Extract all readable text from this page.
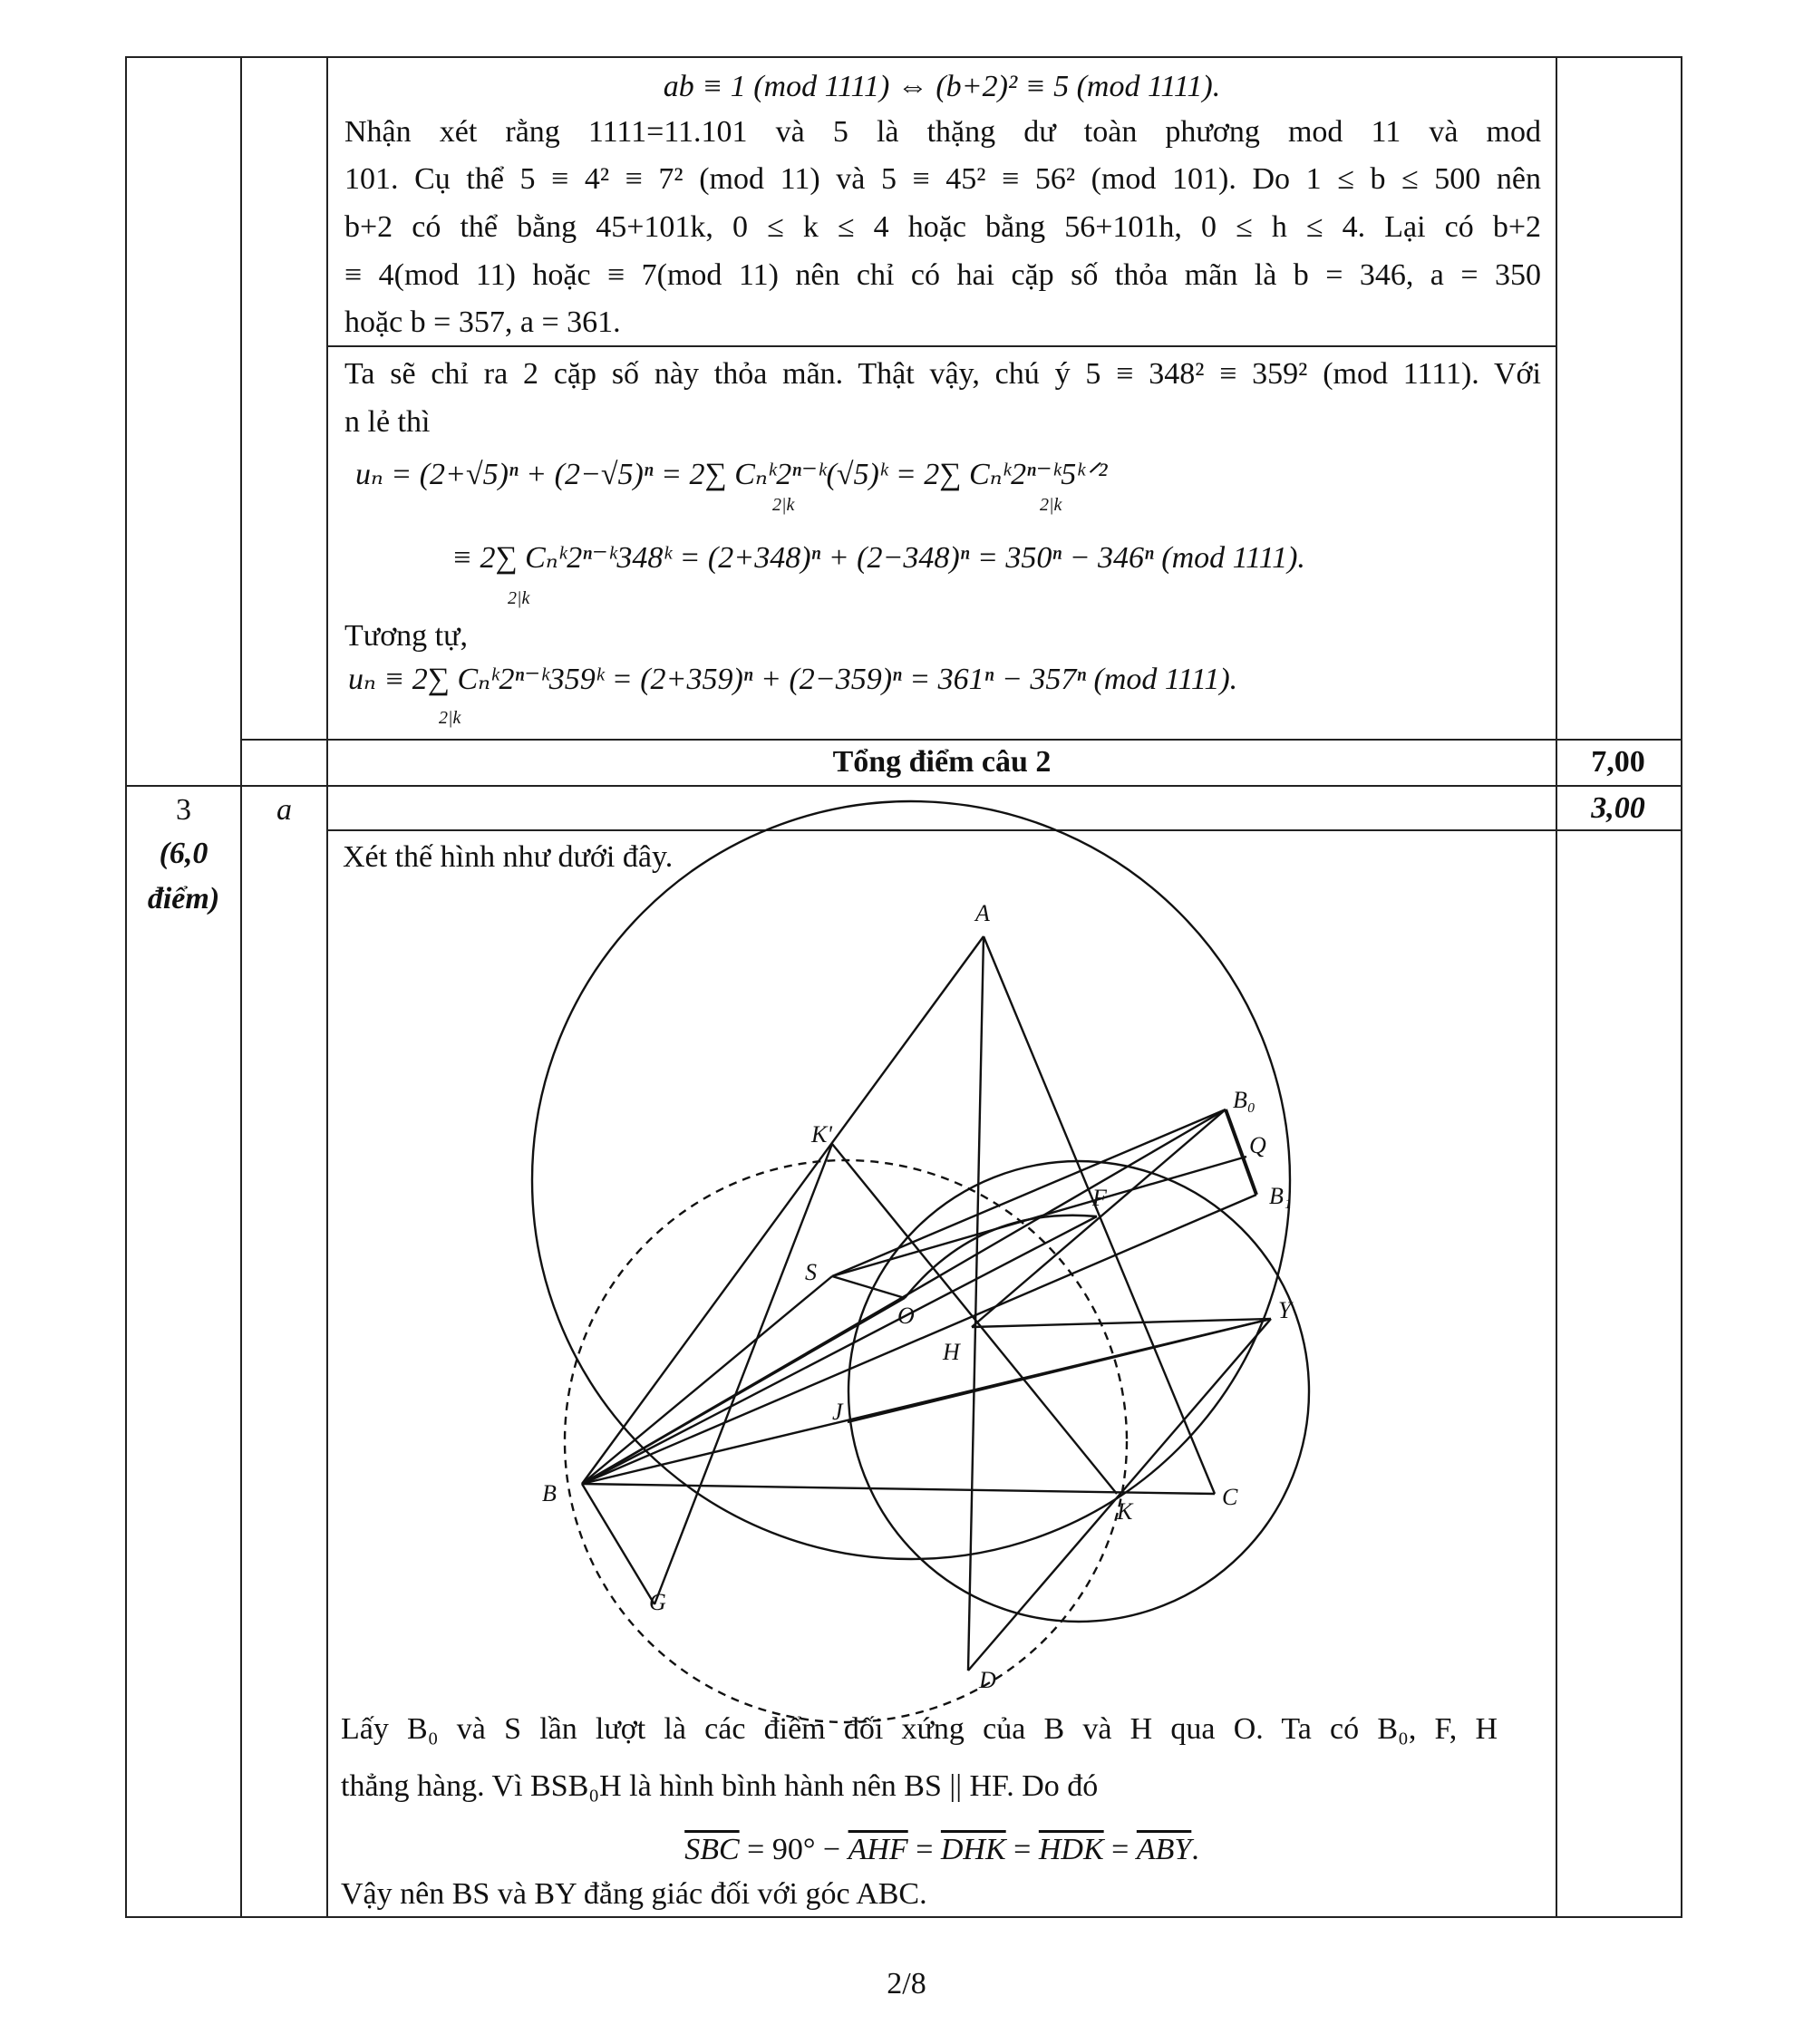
ab ≡ 1 (mod 1111) ⇔ (b+2)² ≡ 5 (mod 1111).
Nhận xét rằng 1111=11.101 và 5 là thặng dư toàn phương mod 11 và mod
101. Cụ thể 5 ≡ 4² ≡ 7² (mod 11) và 5 ≡ 45² ≡ 56² (mod 101). Do 1 ≤ b ≤ 500 nên
b+2 có thể bằng 45+101k, 0 ≤ k ≤ 4 hoặc bằng 56+101h, 0 ≤ h ≤ 4. Lại có b+2
≡ 4(mod 11) hoặc ≡ 7(mod 11) nên chỉ có hai cặp số thỏa mãn là b = 346, a = 350
hoặc b = 357, a = 361.
Ta sẽ chỉ ra 2 cặp số này thỏa mãn. Thật vậy, chú ý 5 ≡ 348² ≡ 359² (mod 1111). Với
n lẻ thì
uₙ = (2+√5)ⁿ + (2−√5)ⁿ = 2∑ Cₙᵏ2ⁿ⁻ᵏ(√5)ᵏ = 2∑ Cₙᵏ2ⁿ⁻ᵏ5ᵏᐟ²
2|k	2|k
≡ 2∑ Cₙᵏ2ⁿ⁻ᵏ348ᵏ = (2+348)ⁿ + (2−348)ⁿ = 350ⁿ − 346ⁿ (mod 1111).
2|k
Tương tự,
uₙ ≡ 2∑ Cₙᵏ2ⁿ⁻ᵏ359ᵏ = (2+359)ⁿ + (2−359)ⁿ = 361ⁿ − 357ⁿ (mod 1111).
2|k
Tổng điểm câu 2	7,00
3
(6,0
điểm)
a	3,00
Xét thế hình như dưới đây.
A
B₀
Q
B₁
K'
F
S
O	Y
H
J
B
K
C
G
D
Lấy B₀ và S lần lượt là các điểm đối xứng của B và H qua O. Ta có B₀, F, H
thẳng hàng. Vì BSB₀H là hình bình hành nên BS || HF. Do đó
$\overline{SBC} = 90^\circ - \overline{AHF} = \overline{DHK} = \overline{HDK} = \overline{ABY}$.
Vậy nên BS và BY đẳng giác đối với góc ABC.
2/8
